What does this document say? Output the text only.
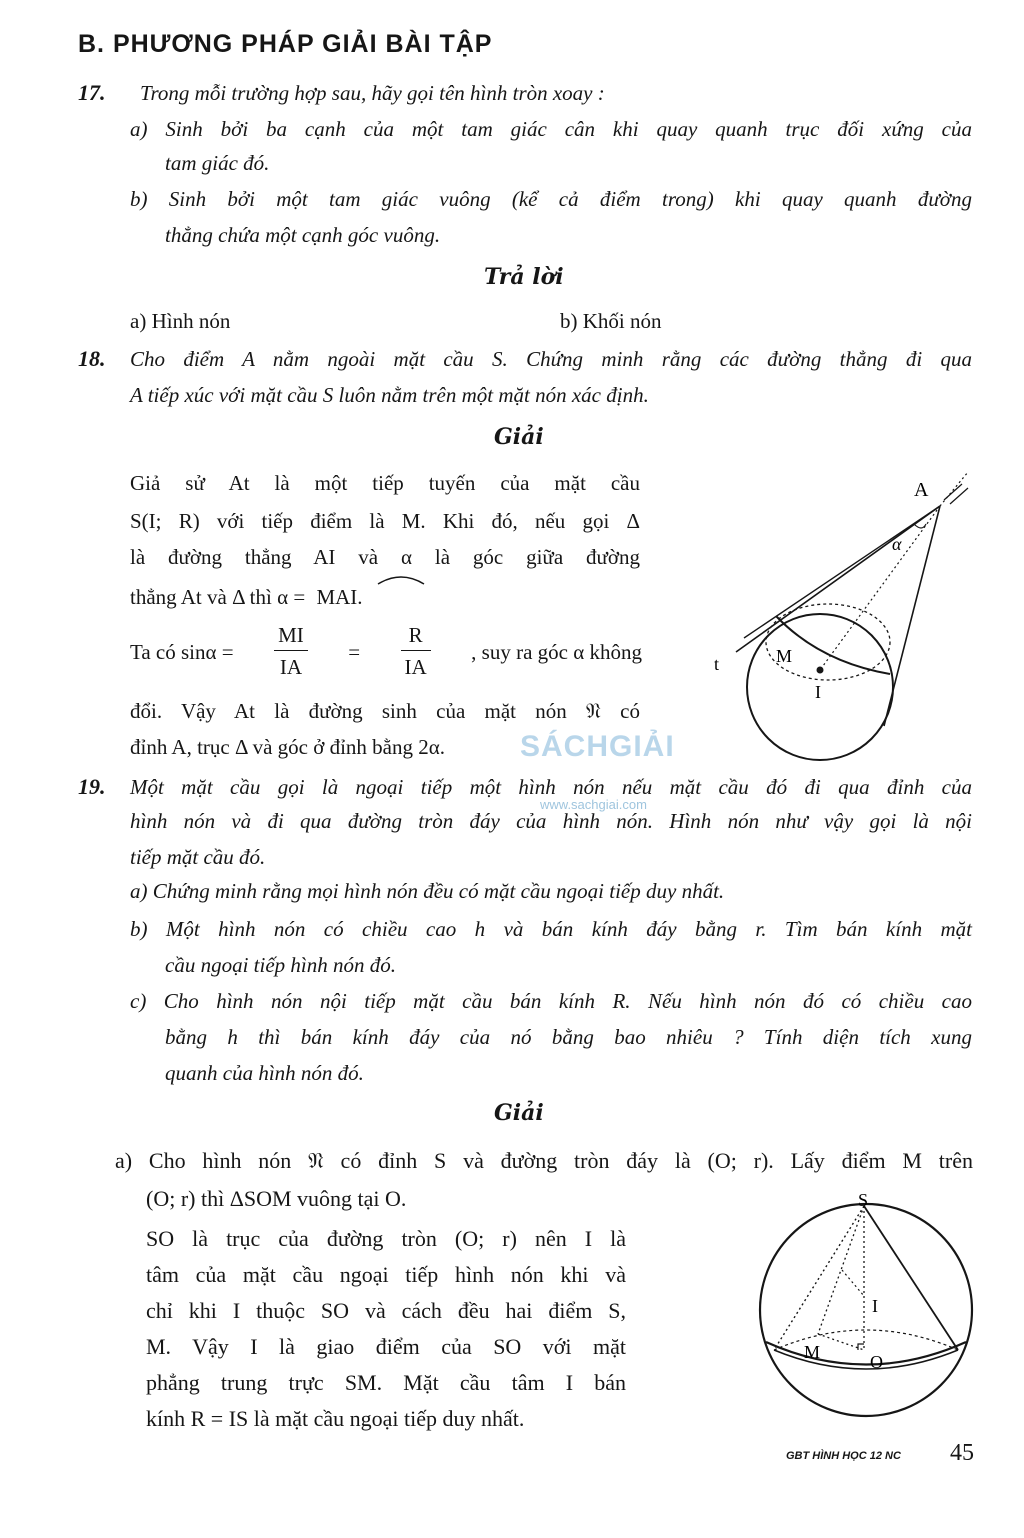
B. PHƯƠNG PHÁP GIẢI BÀI TẬP
17. Trong mỗi trường hợp sau, hãy gọi tên hình tròn xoay :
a) Sinh bởi ba cạnh của một tam giác cân khi quay quanh trục đối xứng của
tam giác đó.
b) Sinh bởi một tam giác vuông (kể cả điểm trong) khi quay quanh đường
thẳng chứa một cạnh góc vuông.
Trả lời
a) Hình nón	b) Khối nón
18. Cho điểm A nằm ngoài mặt cầu S. Chứng minh rằng các đường thẳng đi qua
A tiếp xúc với mặt cầu S luôn nằm trên một mặt nón xác định.
Giải
Giả sử At là một tiếp tuyến của mặt cầu
S(I; R) với tiếp điểm là M. Khi đó, nếu gọi Δ
là đường thẳng AI và α là góc giữa đường
thẳng At và Δ thì α = MAI.
Ta có $\sin\alpha = \frac{MI}{IA} = \frac{R}{IA}$ , suy ra góc α không
đổi. Vậy At là đường sinh của mặt nón 𝔑 có
đỉnh A, trục Δ và góc ở đỉnh bằng 2α.
A
α
M
I
t
SÁCHGIẢI
www.sachgiai.com
19. Một mặt cầu gọi là ngoại tiếp một hình nón nếu mặt cầu đó đi qua đỉnh của
hình nón và đi qua đường tròn đáy của hình nón. Hình nón như vậy gọi là nội
tiếp mặt cầu đó.
a) Chứng minh rằng mọi hình nón đều có mặt cầu ngoại tiếp duy nhất.
b) Một hình nón có chiều cao h và bán kính đáy bằng r. Tìm bán kính mặt
cầu ngoại tiếp hình nón đó.
c) Cho hình nón nội tiếp mặt cầu bán kính R. Nếu hình nón đó có chiều cao
bằng h thì bán kính đáy của nó bằng bao nhiêu ? Tính diện tích xung
quanh của hình nón đó.
Giải
a) Cho hình nón 𝔑 có đỉnh S và đường tròn đáy là (O; r). Lấy điểm M trên
(O; r) thì ΔSOM vuông tại O.
SO là trục của đường tròn (O; r) nên I là
tâm của mặt cầu ngoại tiếp hình nón khi và
chỉ khi I thuộc SO và cách đều hai điểm S,
M. Vậy I là giao điểm của SO với mặt
phẳng trung trực SM. Mặt cầu tâm I bán
kính R = IS là mặt cầu ngoại tiếp duy nhất.
S
I
M	O
GBT HÌNH HỌC 12 NC 45
